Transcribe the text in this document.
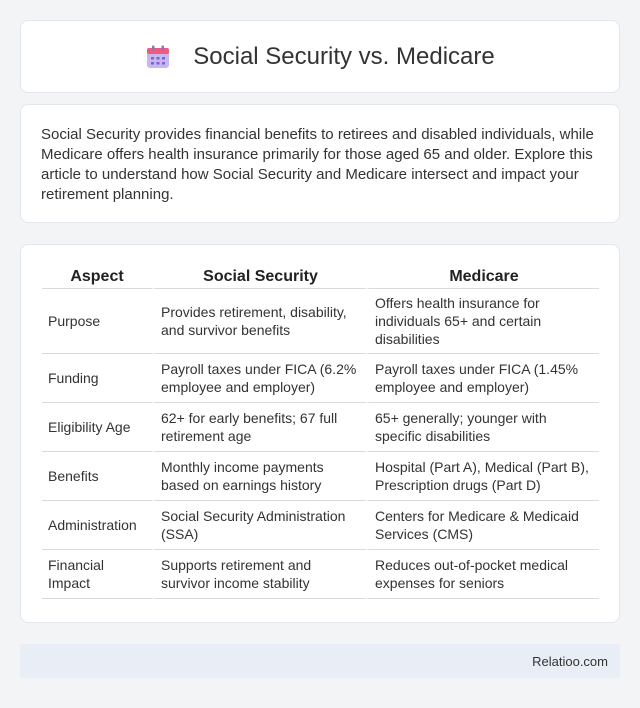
Social Security vs. Medicare

Social Security provides financial benefits to retirees and disabled individuals, while Medicare offers health insurance primarily for those aged 65 and older. Explore this article to understand how Social Security and Medicare intersect and impact your retirement planning.

Aspect	Social Security	Medicare
Purpose	Provides retirement, disability, and survivor benefits	Offers health insurance for individuals 65+ and certain disabilities
Funding	Payroll taxes under FICA (6.2% employee and employer)	Payroll taxes under FICA (1.45% employee and employer)
Eligibility Age	62+ for early benefits; 67 full retirement age	65+ generally; younger with specific disabilities
Benefits	Monthly income payments based on earnings history	Hospital (Part A), Medical (Part B), Prescription drugs (Part D)
Administration	Social Security Administration (SSA)	Centers for Medicare & Medicaid Services (CMS)
Financial Impact	Supports retirement and survivor income stability	Reduces out-of-pocket medical expenses for seniors
Relatioo.com
